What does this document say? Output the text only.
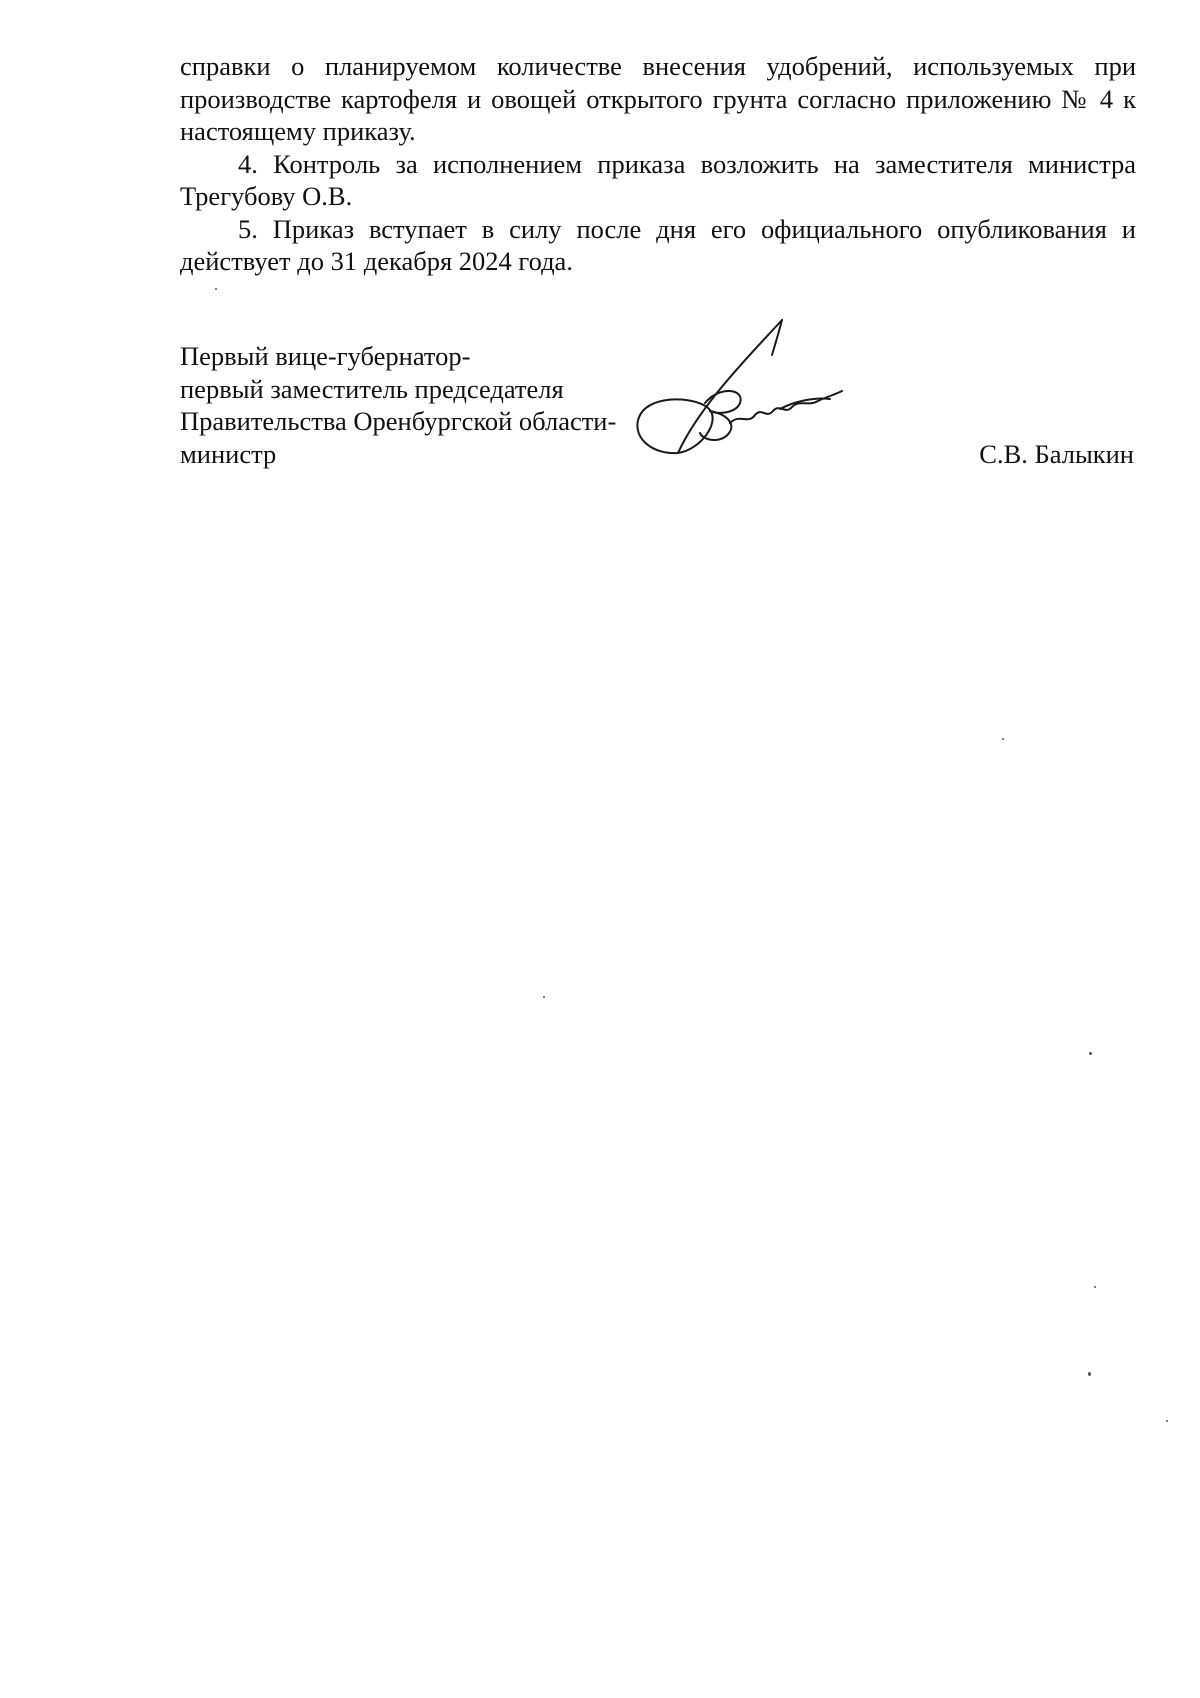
справки о планируемом количестве внесения удобрений, используемых при производстве картофеля и овощей открытого грунта согласно приложению № 4 к настоящему приказу.

4. Контроль за исполнением приказа возложить на заместителя министра Трегубову О.В.

5. Приказ вступает в силу после дня его официального опубликования и действует до 31 декабря 2024 года.

Первый вице-губернатор-
первый заместитель председателя
Правительства Оренбургской области-
министр	С.В. Балыкин
